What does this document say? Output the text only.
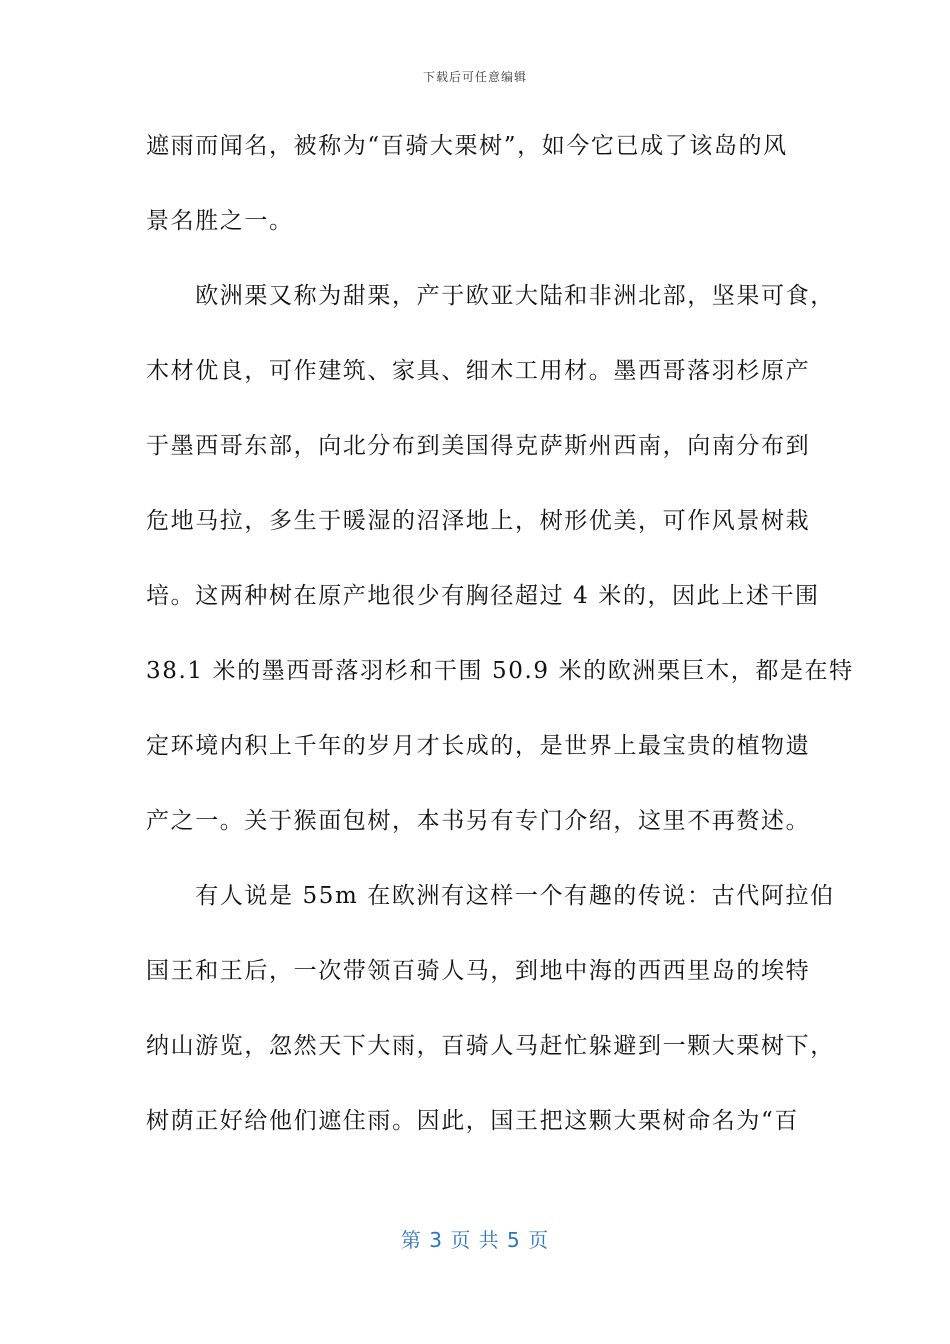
下载后可任意编辑
遮雨而闻名，被称为“百骑大栗树”，如今它已成了该岛的风
景名胜之一。
　　欧洲栗又称为甜栗，产于欧亚大陆和非洲北部，坚果可食，
木材优良，可作建筑、家具、细木工用材。墨西哥落羽杉原产
于墨西哥东部，向北分布到美国得克萨斯州西南，向南分布到
危地马拉，多生于暖湿的沼泽地上，树形优美，可作风景树栽
培。这两种树在原产地很少有胸径超过 4 米的，因此上述干围
38.1 米的墨西哥落羽杉和干围 50.9 米的欧洲栗巨木，都是在特
定环境内积上千年的岁月才长成的，是世界上最宝贵的植物遗
产之一。关于猴面包树，本书另有专门介绍，这里不再赘述。
　　有人说是 55m 在欧洲有这样一个有趣的传说：古代阿拉伯
国王和王后，一次带领百骑人马，到地中海的西西里岛的埃特
纳山游览，忽然天下大雨，百骑人马赶忙躲避到一颗大栗树下，
树荫正好给他们遮住雨。因此，国王把这颗大栗树命名为“百
第 3 页 共 5 页
